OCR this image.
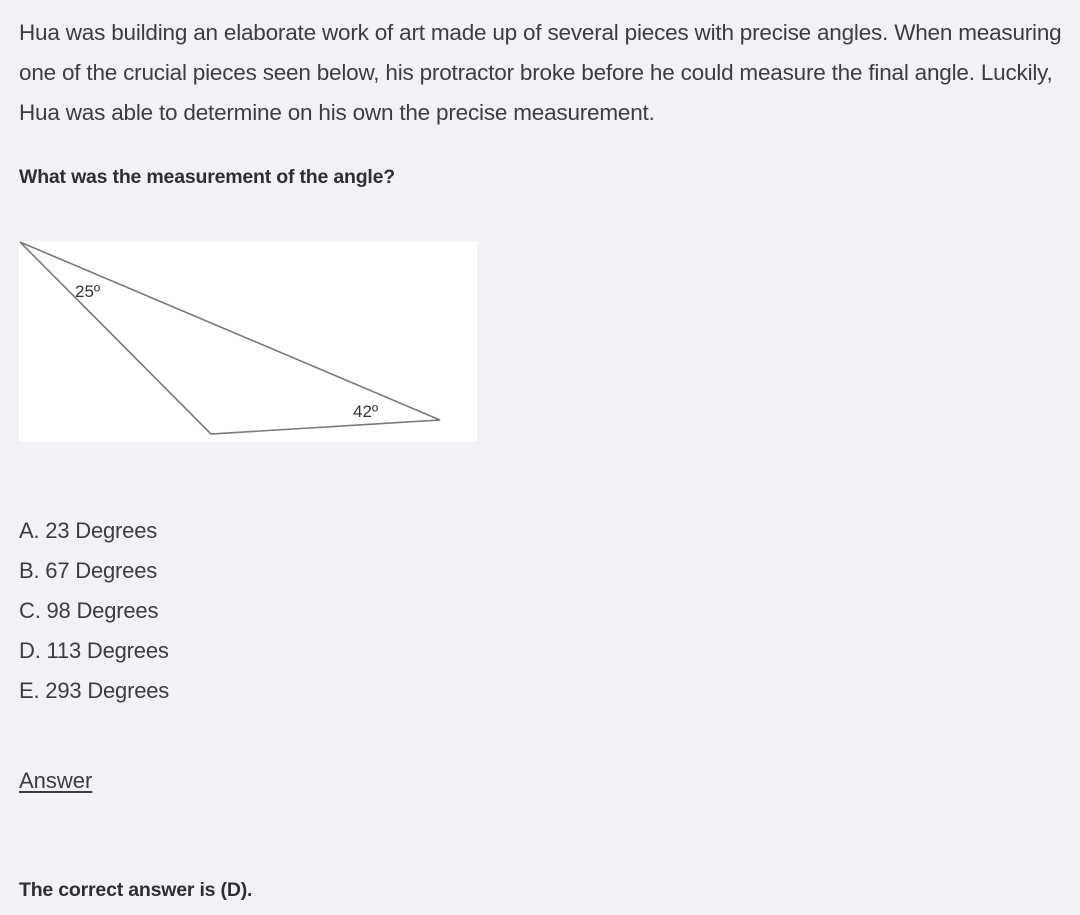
Hua was building an elaborate work of art made up of several pieces with precise angles. When measuring one of the crucial pieces seen below, his protractor broke before he could measure the final angle. Luckily, Hua was able to determine on his own the precise measurement.

What was the measurement of the angle?

25º
42º
A. 23 Degrees
B. 67 Degrees
C. 98 Degrees
D. 113 Degrees
E. 293 Degrees
Answer

The correct answer is (D).
